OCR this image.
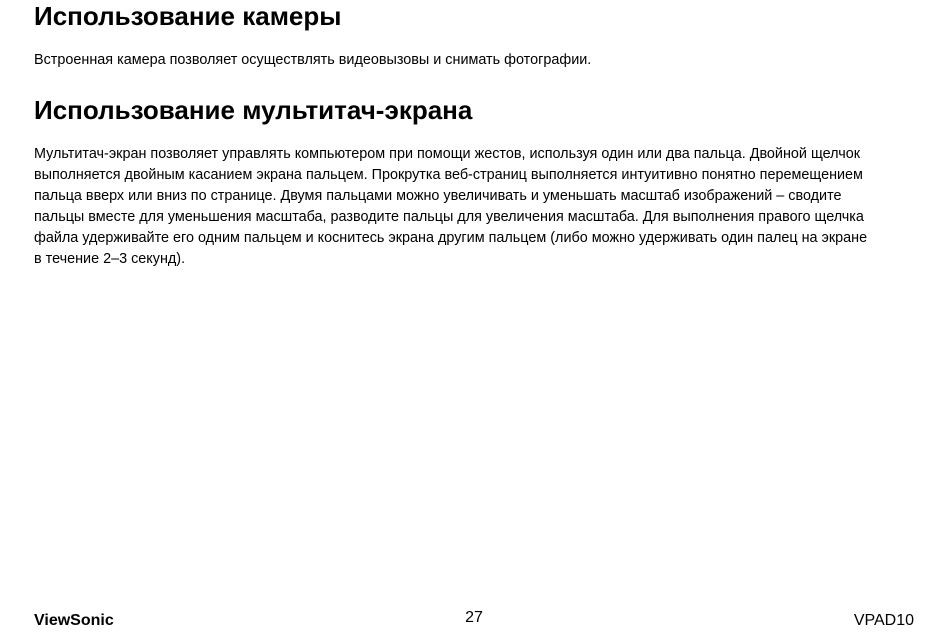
Использование камеры

Встроенная камера позволяет осуществлять видеовызовы и снимать фотографии.

Использование мультитач-экрана

Мультитач-экран позволяет управлять компьютером при помощи жестов, используя один или два пальца. Двойной щелчок
выполняется двойным касанием экрана пальцем. Прокрутка веб-страниц выполняется интуитивно понятно перемещением
пальца вверх или вниз по странице. Двумя пальцами можно увеличивать и уменьшать масштаб изображений – сводите
пальцы вместе для уменьшения масштаба, разводите пальцы для увеличения масштаба. Для выполнения правого щелчка
файла удерживайте его одним пальцем и коснитесь экрана другим пальцем (либо можно удерживать один палец на экране
в течение 2–3 секунд).

ViewSonic	27	VPAD10
